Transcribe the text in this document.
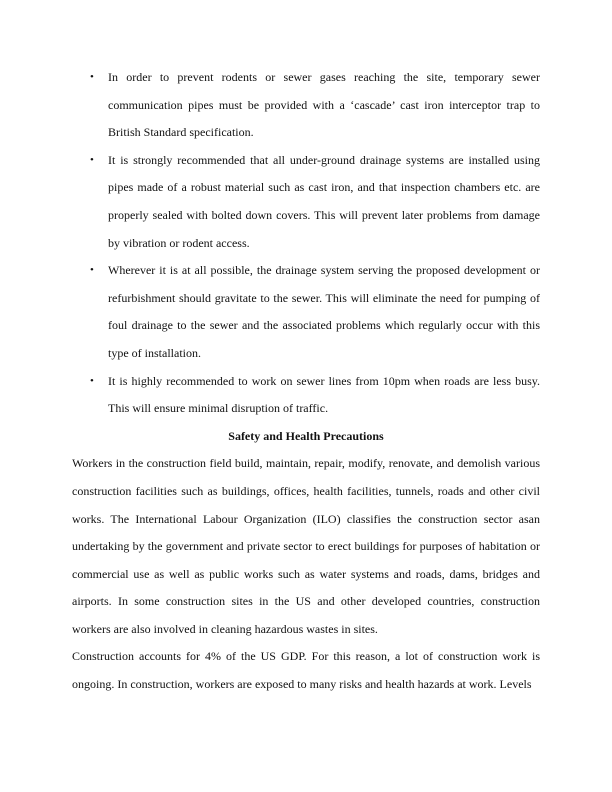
• In order to prevent rodents or sewer gases reaching the site, temporary sewer communication pipes must be provided with a ‘cascade’ cast iron interceptor trap to British Standard specification.
• It is strongly recommended that all under-ground drainage systems are installed using pipes made of a robust material such as cast iron, and that inspection chambers etc. are properly sealed with bolted down covers. This will prevent later problems from damage by vibration or rodent access.
• Wherever it is at all possible, the drainage system serving the proposed development or refurbishment should gravitate to the sewer. This will eliminate the need for pumping of foul drainage to the sewer and the associated problems which regularly occur with this type of installation.
• It is highly recommended to work on sewer lines from 10pm when roads are less busy. This will ensure minimal disruption of traffic.
Safety and Health Precautions

Workers in the construction field build, maintain, repair, modify, renovate, and demolish various construction facilities such as buildings, offices, health facilities, tunnels, roads and other civil works. The International Labour Organization (ILO) classifies the construction sector asan undertaking by the government and private sector to erect buildings for purposes of habitation or commercial use as well as public works such as water systems and roads, dams, bridges and airports. In some construction sites in the US and other developed countries, construction workers are also involved in cleaning hazardous wastes in sites.

Construction accounts for 4% of the US GDP. For this reason, a lot of construction work is ongoing. In construction, workers are exposed to many risks and health hazards at work. Levels
